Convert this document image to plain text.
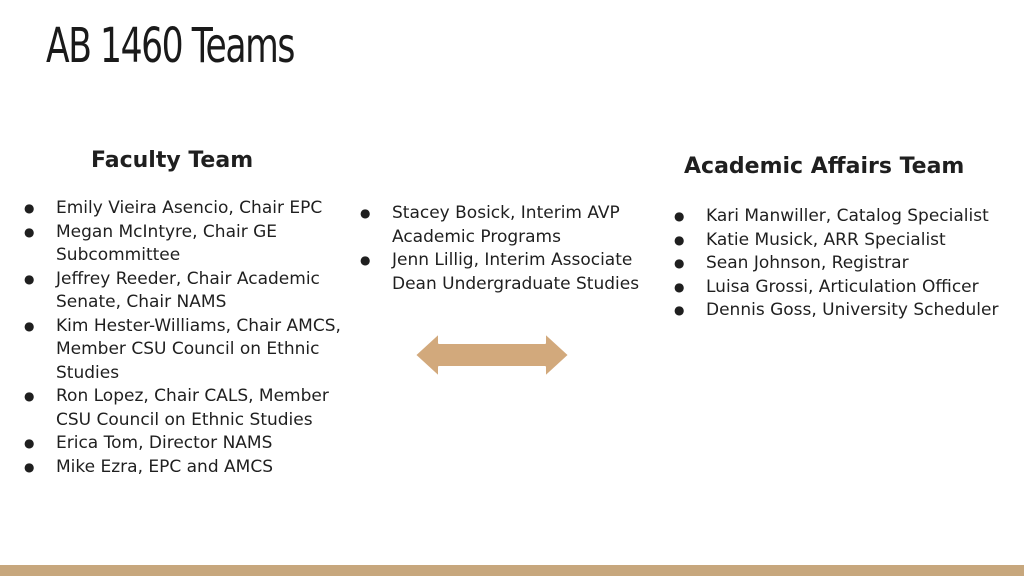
AB 1460 Teams
Faculty Team
● Emily Vieira Asencio, Chair EPC
● Megan McIntyre, Chair GE Subcommittee
● Jeffrey Reeder, Chair Academic Senate, Chair NAMS
● Kim Hester-Williams, Chair AMCS, Member CSU Council on Ethnic Studies
● Ron Lopez, Chair CALS, Member CSU Council on Ethnic Studies
● Erica Tom, Director NAMS
● Mike Ezra, EPC and AMCS
● Stacey Bosick, Interim AVP Academic Programs
● Jenn Lillig, Interim Associate Dean Undergraduate Studies
Academic Affairs Team
● Kari Manwiller, Catalog Specialist
● Katie Musick, ARR Specialist
● Sean Johnson, Registrar
● Luisa Grossi, Articulation Officer
● Dennis Goss, University Scheduler
